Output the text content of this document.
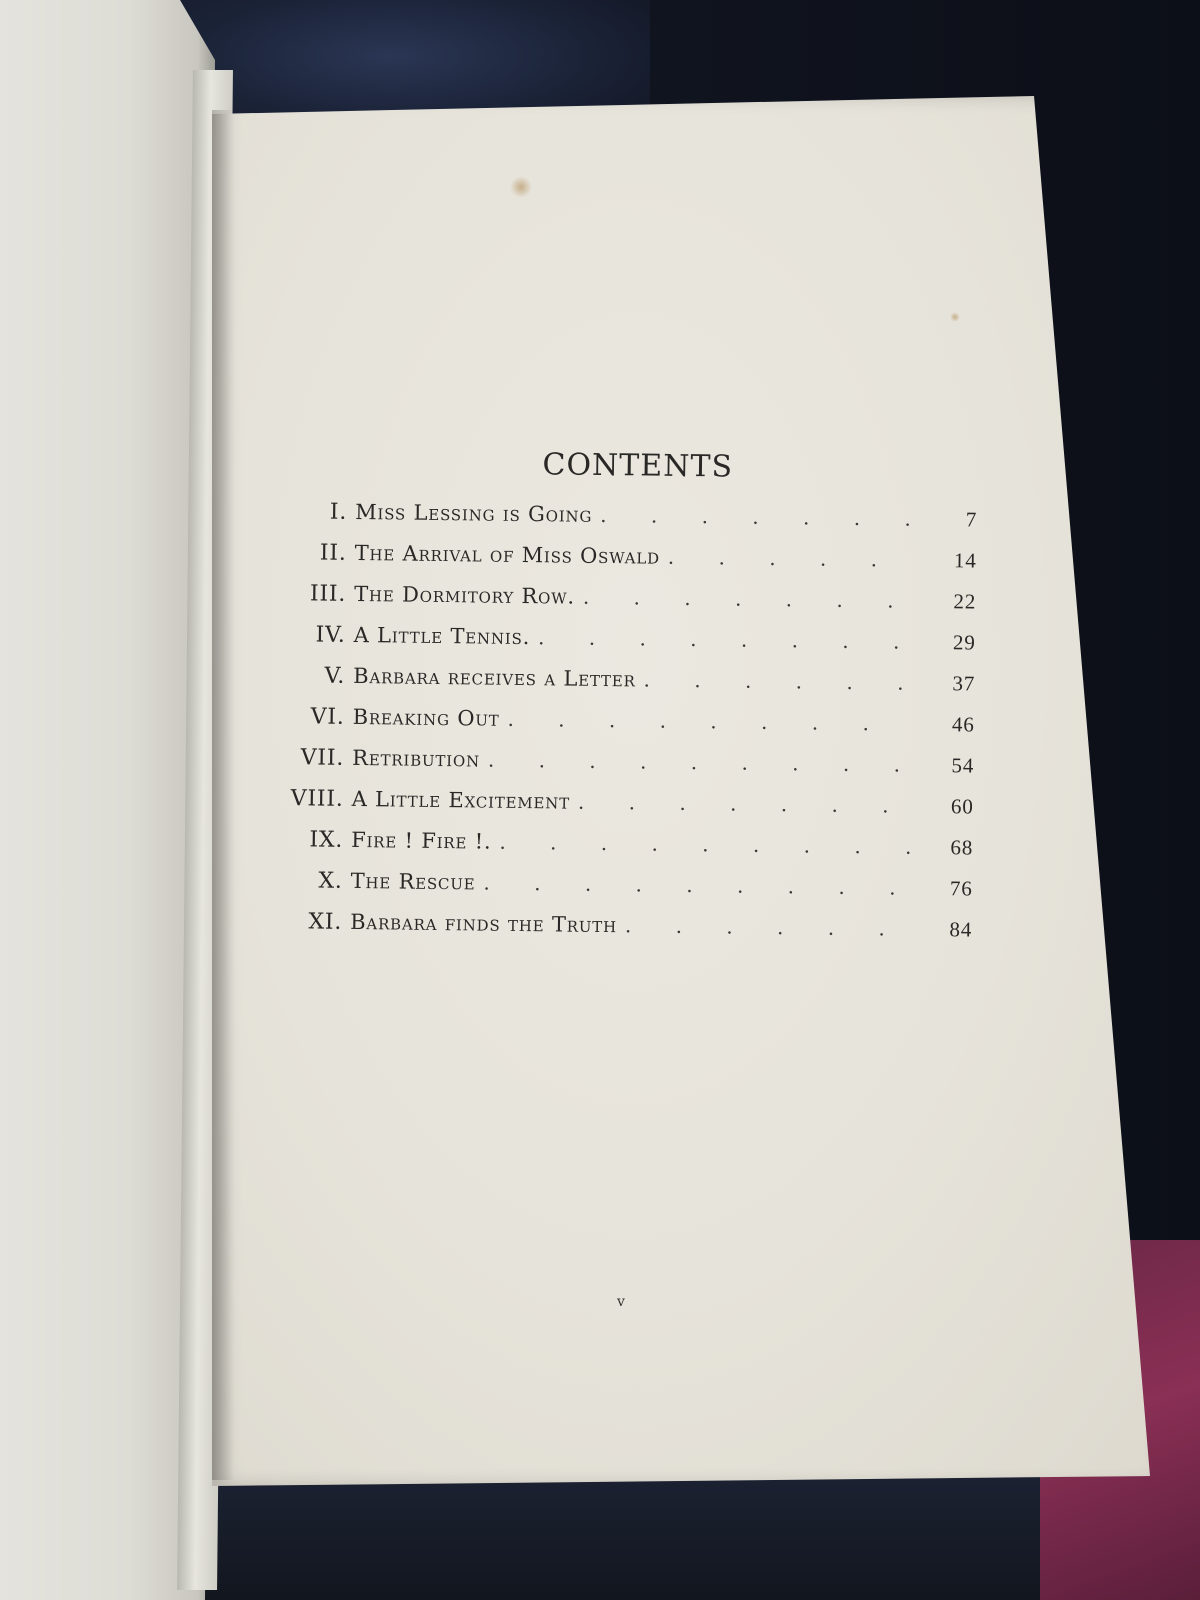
CONTENTS
I. Miss Lessing is Going . . .	7
II. The Arrival of Miss Oswald . . .	14
III. The Dormitory Row. . . .	22
IV. A Little Tennis. . . .	29
V. Barbara receives a Letter . . .	37
VI. Breaking Out . . .	46
VII. Retribution . . .	54
VIII. A Little Excitement . . .	60
IX. Fire ! Fire !. . . .	68
X. The Rescue . . .	76
XI. Barbara finds the Truth . . .	84
v
